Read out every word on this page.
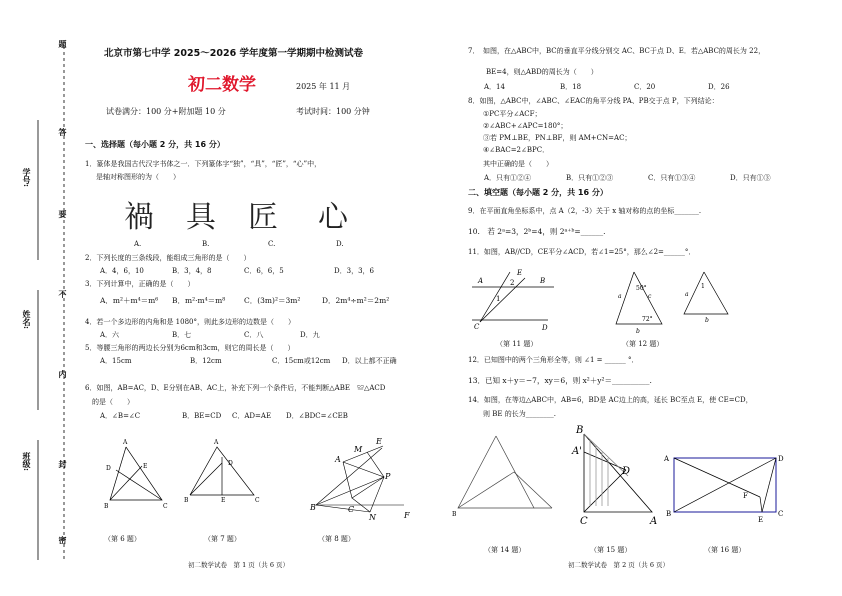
题
答
要
不
内
封
密
学号:
姓名:
班级:
北京市第七中学 2025～2026 学年度第一学期期中检测试卷
初二数学	2025 年 11 月
试卷满分：100 分+附加题 10 分	考试时间：100 分钟
一、选择题（每小题 2 分，共 16 分）
1．篆体是我国古代汉字书体之一．下列篆体字“独”，“具”，“匠”，“心”中，
是轴对称图形的为（　　）
禍 具 匠 心
A.	B.	C.	D.
2．下列长度的三条线段，能组成三角形的是（　　）
A．4，6，10	B．3，4，8	C．6，6，5	D．3，3，6
3．下列计算中，正确的是（　　）
A．m²＋m⁴＝m⁶ B．m²·m⁴＝m⁸ C．(3m)²＝3m²	D．2m⁴÷m²＝2m²
4．若一个多边形的内角和是 1080°，则此多边形的边数是（　　）
A．六	B．七	C．八	D．九
5．等腰三角形的两边长分别为6cm和3cm，则它的周长是（　　）
A．15cm	B．12cm	C．15cm或12cm D．以上都不正确
6．如图，AB=AC，D、E分别在AB、AC上，补充下列一个条件后，不能判断△ABE　≌△ACD
的是（　　）
A．∠B=∠C	B．BE=CD C．AD=AE D．∠BDC=∠CEB
A
D	E
B	C
A
D
E
B	C
M
E
A
P
B	C
N	F
（第 6 题）	（第 7 题）	（第 8 题）
初二数学试卷　第 1 页（共 6 页）
7．　如图，在△ABC中，BC的垂直平分线分别交 AC、BC于点 D、E．若△ABC的周长为 22，
BE=4，则△ABD的周长为（　　）
A．14	B．18	C．20	D．26
8．如图，△ABC中，∠ABC、∠EAC的角平分线 PA、PB交于点 P，下列结论：
①PC平分∠ACF；
②∠ABC+∠APC=180°；
③若 PM⊥BE，PN⊥BF，则 AM+CN=AC；
④∠BAC=2∠BPC．
其中正确的是（　　）
A．只有①②④	B．只有①②③	C．只有①③④	D．只有①③
二、填空题（每小题 2 分，共 16 分）
9．在平面直角坐标系中，点 A（2，-3）关于 x 轴对称的点的坐标_______.
10.　若 2ᵃ=3，2ᵇ=4，则 2ᵃ⁺ᵇ=______.
11．如图，AB//CD，CE平分∠ACD，若∠1=25°，那么∠2=______°．
A	B
E
C	D
1
2
（第 11 题）
50°
72°
a	c
b
1
a
b
（第 12 题）
12．已知图中的两个三角形全等，则 ∠1 = ______ °．
13．已知 x＋y＝−7，xy＝6，则 x²＋y²＝__________.
14．如图，在等边△ABC中，AB=6，BD是 AC边上的高，延长 BC至点 E，使 CE=CD，
则 BE 的长为________.
B
（第 14 题）
B
A'
D
C	A
（第 15 题）
A	D
F
B
E
C
（第 16 题）
初二数学试卷　第 2 页（共 6 页）
